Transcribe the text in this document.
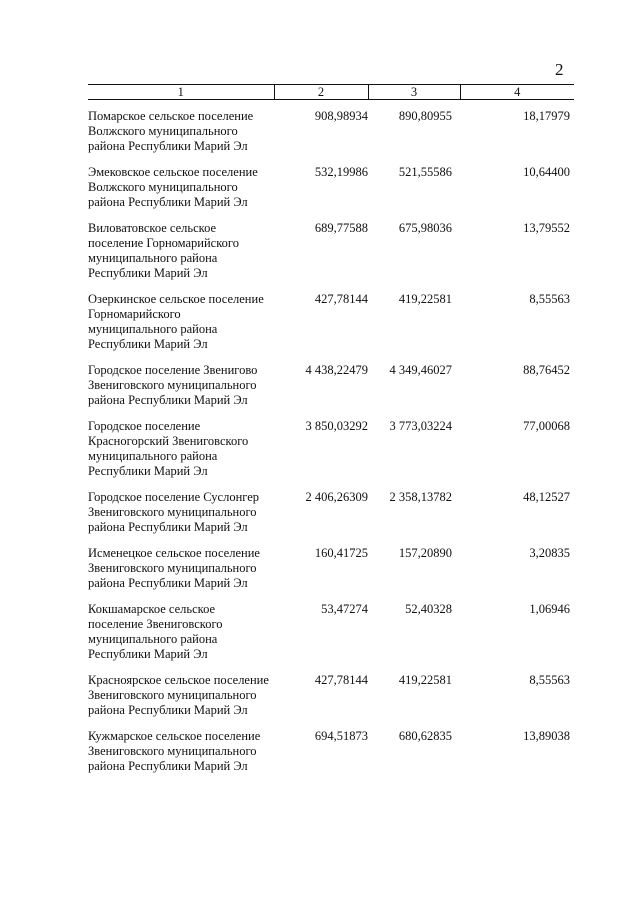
2
1	2	3	4
Помарское сельское поселение Волжского муниципального района Республики Марий Эл	908,98934	890,80955	18,17979
Эмековское сельское поселение Волжского муниципального района Республики Марий Эл	532,19986	521,55586	10,64400
Виловатовское сельское поселение Горномарийского муниципального района Республики Марий Эл	689,77588	675,98036	13,79552
Озеркинское сельское поселение Горномарийского муниципального района Республики Марий Эл	427,78144	419,22581	8,55563
Городское поселение Звенигово Звениговского муниципального района Республики Марий Эл	4 438,22479	4 349,46027	88,76452
Городское поселение Красногорский Звениговского муниципального района Республики Марий Эл	3 850,03292	3 773,03224	77,00068
Городское поселение Суслонгер Звениговского муниципального района Республики Марий Эл	2 406,26309	2 358,13782	48,12527
Исменецкое сельское поселение Звениговского муниципального района Республики Марий Эл	160,41725	157,20890	3,20835
Кокшамарское сельское поселение Звениговского муниципального района Республики Марий Эл	53,47274	52,40328	1,06946
Красноярское сельское поселение Звениговского муниципального района Республики Марий Эл	427,78144	419,22581	8,55563
Кужмарское сельское поселение Звениговского муниципального района Республики Марий Эл	694,51873	680,62835	13,89038
